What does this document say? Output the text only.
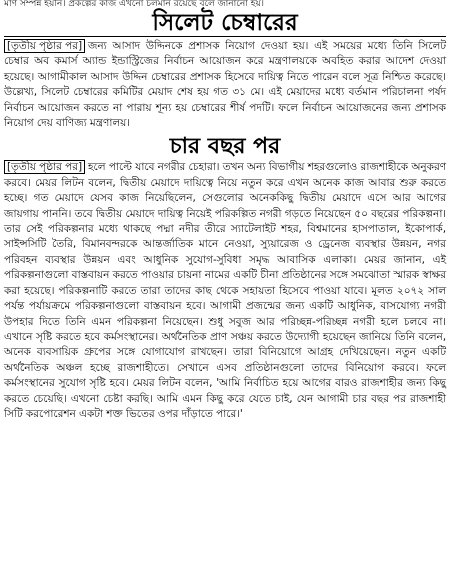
র্মাণ সম্পন্ন হয়নি। প্রকল্পের কাজ এখনো চলমান রয়েছে বলে জানানো হয়।
সিলেট চেম্বারের

[তৃতীয় পৃষ্ঠার পর] জন্য আসাদ উদ্দিনকে প্রশাসক নিয়োগ দেওয়া হয়। এই সময়ের মধ্যে তিনি সিলেট চেম্বার অব কমার্স অ্যান্ড ইন্ডাস্ট্রিজের নির্বাচন আয়োজন করে মন্ত্রণালয়কে অবহিত করার আদেশ দেওয়া হয়েছে। আগামীকাল আসাদ উদ্দিন চেম্বারের প্রশাসক হিসেবে দায়িত্ব নিতে পারেন বলে সূত্র নিশ্চিত করেছে। উল্লেখ্য, সিলেট চেম্বারের কমিটির মেয়াদ শেষ হয় গত ৩১ মে। এই মেয়াদের মধ্যে বর্তমান পরিচালনা পর্ষদ নির্বাচন আয়োজন করতে না পারায় শূন্য হয় চেম্বারের শীর্ষ পদটি। ফলে নির্বাচন আয়োজনের জন্য প্রশাসক নিয়োগ দেয় বাণিজ্য মন্ত্রণালয়।

চার বছর পর

[তৃতীয় পৃষ্ঠার পর] হলে পাল্টে যাবে নগরীর চেহারা। তখন অন্য বিভাগীয় শহরগুলোও রাজশাহীকে অনুকরণ করবে। মেয়র লিটন বলেন, দ্বিতীয় মেয়াদে দায়িত্বে নিয়ে নতুন করে এখন অনেক কাজ আবার শুরু করতে হচ্ছে। গত মেয়াদে যেসব কাজ নিয়েছিলেন, সেগুলোর অনেককিছু দ্বিতীয় মেয়াদে এসে আর আগের জায়গায় পাননি। তবে দ্বিতীয় মেয়াদে দায়িত্ব নিয়েই পরিকল্পিত নগরী গড়তে নিয়েছেন ৫০ বছরের পরিকল্পনা। তার সেই পরিকল্পনার মধ্যে থাকছে পদ্মা নদীর তীরে স্যাটেলাইট শহর, বিশ্বমানের হাসপাতাল, ইকোপার্ক, সাইন্সসিটি তৈরি, বিমানবন্দরকে আন্তর্জাতিক মানে নেওয়া, স্যুয়ারেজ ও ড্রেনেজ ব্যবস্থার উন্নয়ন, নগর পরিবহন ব্যবস্থার উন্নয়ন এবং আধুনিক সুযোগ-সুবিধা সমৃদ্ধ আবাসিক এলাকা। মেয়র জানান, এই পরিকল্পনাগুলো বাস্তবায়ন করতে পাওয়ার চায়না নামের একটি চীনা প্রতিষ্ঠানের সঙ্গে সমঝোতা স্মারক স্বাক্ষর করা হয়েছে। পরিকল্পনাটি করতে তারা তাদের কাছ থেকে সহায়তা হিসেবে পাওয়া যাবে। মূলত ২০৭২ সাল পর্যন্ত পর্যায়ক্রমে পরিকল্পনাগুলো বাস্তবায়ন হবে। আগামী প্রজন্মের জন্য একটি আধুনিক, বাসযোগ্য নগরী উপহার দিতে তিনি এমন পরিকল্পনা নিয়েছেন। শুধু সবুজ আর পরিচ্ছন্ন-পরিচ্ছন্ন নগরী হলে চলবে না। এখানে সৃষ্টি করতে হবে কর্মসংস্থানের। অর্থনৈতিক প্রাণ সঞ্চয় করতে উদ্যোগী হয়েছেন জানিয়ে তিনি বলেন, অনেক ব্যবসায়িক গ্রুপের সঙ্গে যোগাযোগ রাখছেন। তারা বিনিয়োগে আগ্রহ দেখিয়েছেন। নতুন একটি অর্থনৈতিক অঞ্চল হচ্ছে রাজশাহীতে। সেখানে এসব প্রতিষ্ঠানগুলো তাদের বিনিয়োগ করবে। ফলে কর্মসংস্থানের সুযোগ সৃষ্টি হবে। মেয়র লিটন বলেন, 'আমি নির্বাচিত হয়ে আগের বারও রাজশাহীর জন্য কিছু করতে চেয়েছি। এখনো চেষ্টা করছি। আমি এমন কিছু করে যেতে চাই, যেন আগামী চার বছর পর রাজশাহী সিটি করপোরেশন একটা শক্ত ভিতের ওপর দাঁড়াতে পারে।'
